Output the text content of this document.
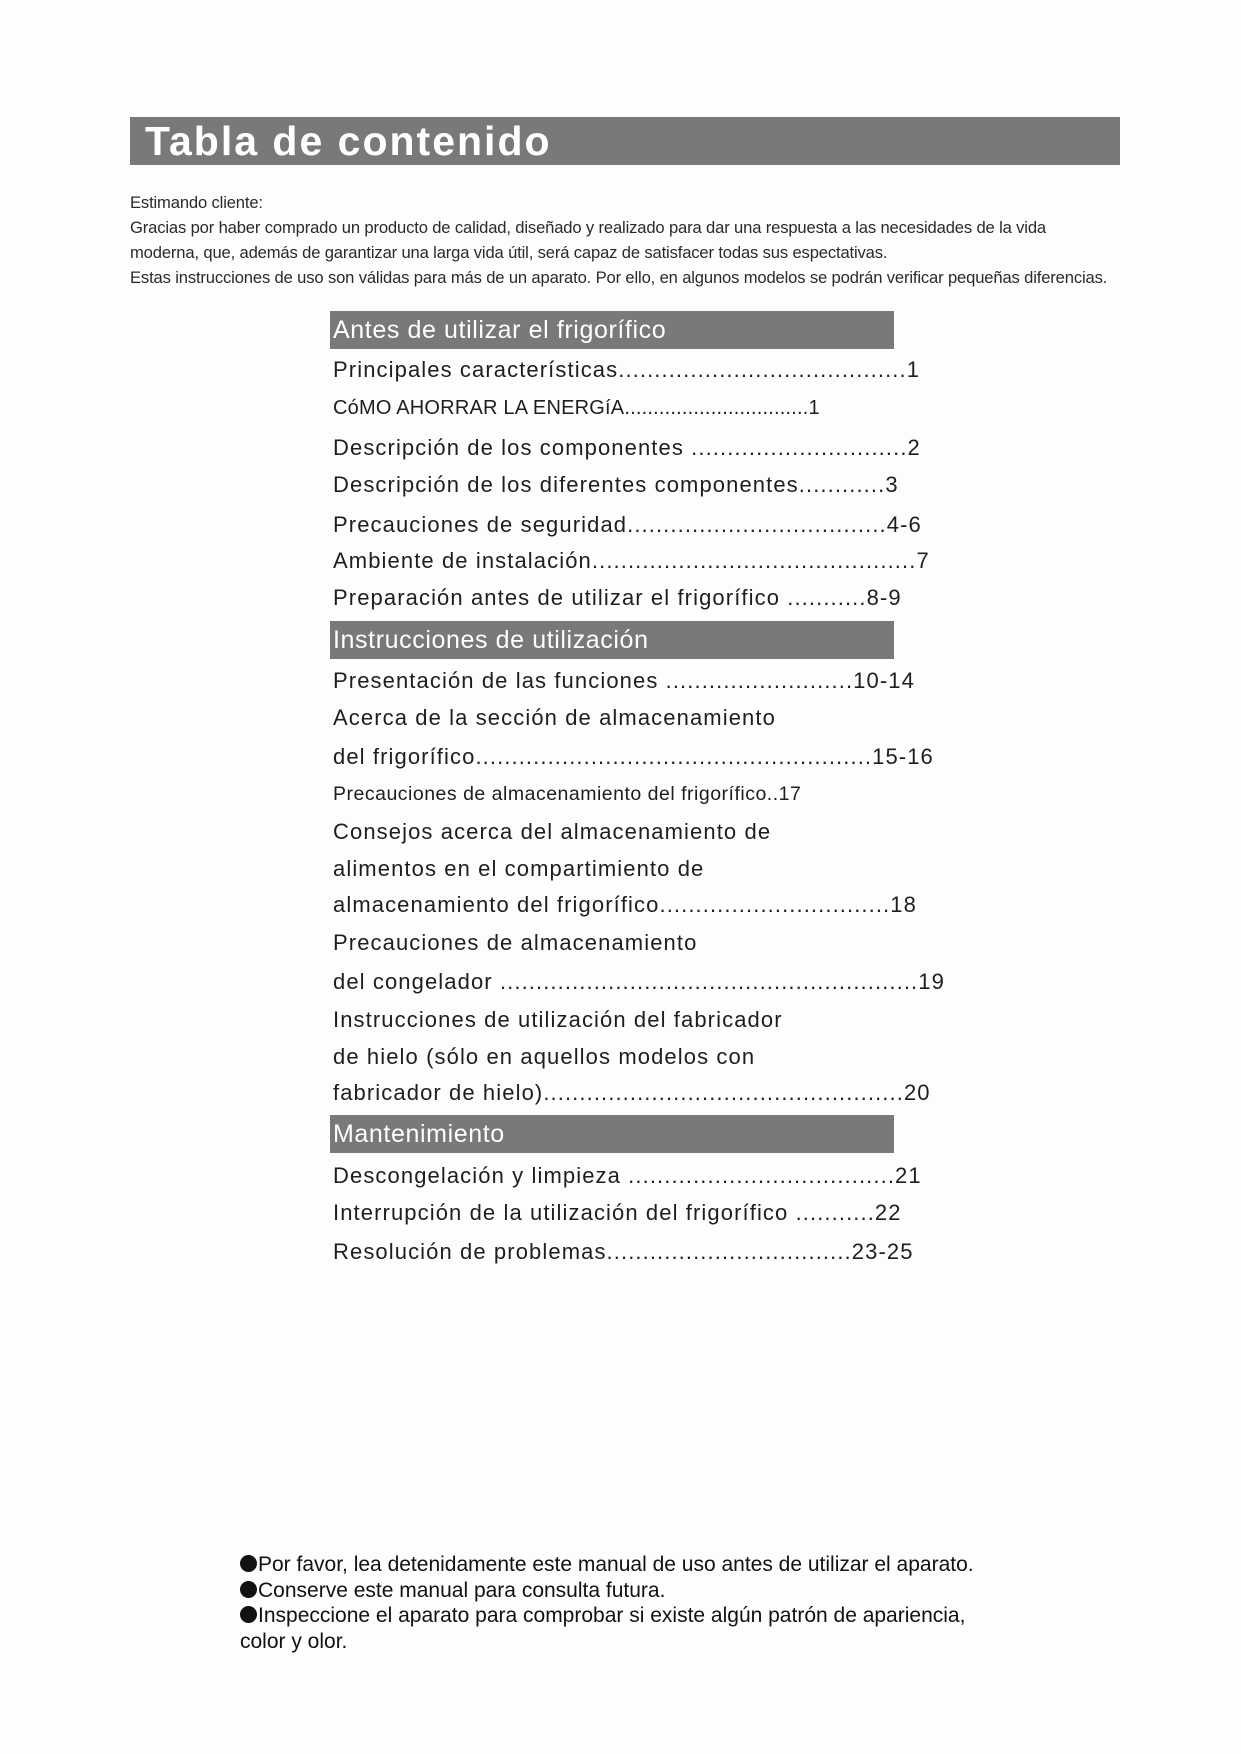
Tabla de contenido
Estimando cliente:
Gracias por haber comprado un producto de calidad, diseñado y realizado para dar una respuesta a las necesidades de la vida
moderna, que, además de garantizar una larga vida útil, será capaz de satisfacer todas sus espectativas.
Estas instrucciones de uso son válidas para más de un aparato. Por ello, en algunos modelos se podrán verificar pequeñas diferencias.
Antes de utilizar el frigorífico
Principales características........................................1
CóMO AHORRAR LA ENERGíA................................1
Descripción de los componentes ..............................2
Descripción de los diferentes componentes............3
Precauciones de seguridad....................................4-6
Ambiente de instalación.............................................7
Preparación antes de utilizar el frigorífico ...........8-9
Instrucciones de utilización
Presentación de las funciones ..........................10-14
Acerca de la sección de almacenamiento
del frigorífico.......................................................15-16
Precauciones de almacenamiento del frigorífico..17
Consejos acerca del almacenamiento de
alimentos en el compartimiento de
almacenamiento del frigorífico................................18
Precauciones de almacenamiento
del congelador ..........................................................19
Instrucciones de utilización del fabricador
de hielo (sólo en aquellos modelos con
fabricador de hielo)..................................................20
Mantenimiento
Descongelación y limpieza .....................................21
Interrupción de la utilización del frigorífico ...........22
Resolución de problemas..................................23-25
Por favor, lea detenidamente este manual de uso antes de utilizar el aparato.
Conserve este manual para consulta futura.
Inspeccione el aparato para comprobar si existe algún patrón de apariencia,
color y olor.
